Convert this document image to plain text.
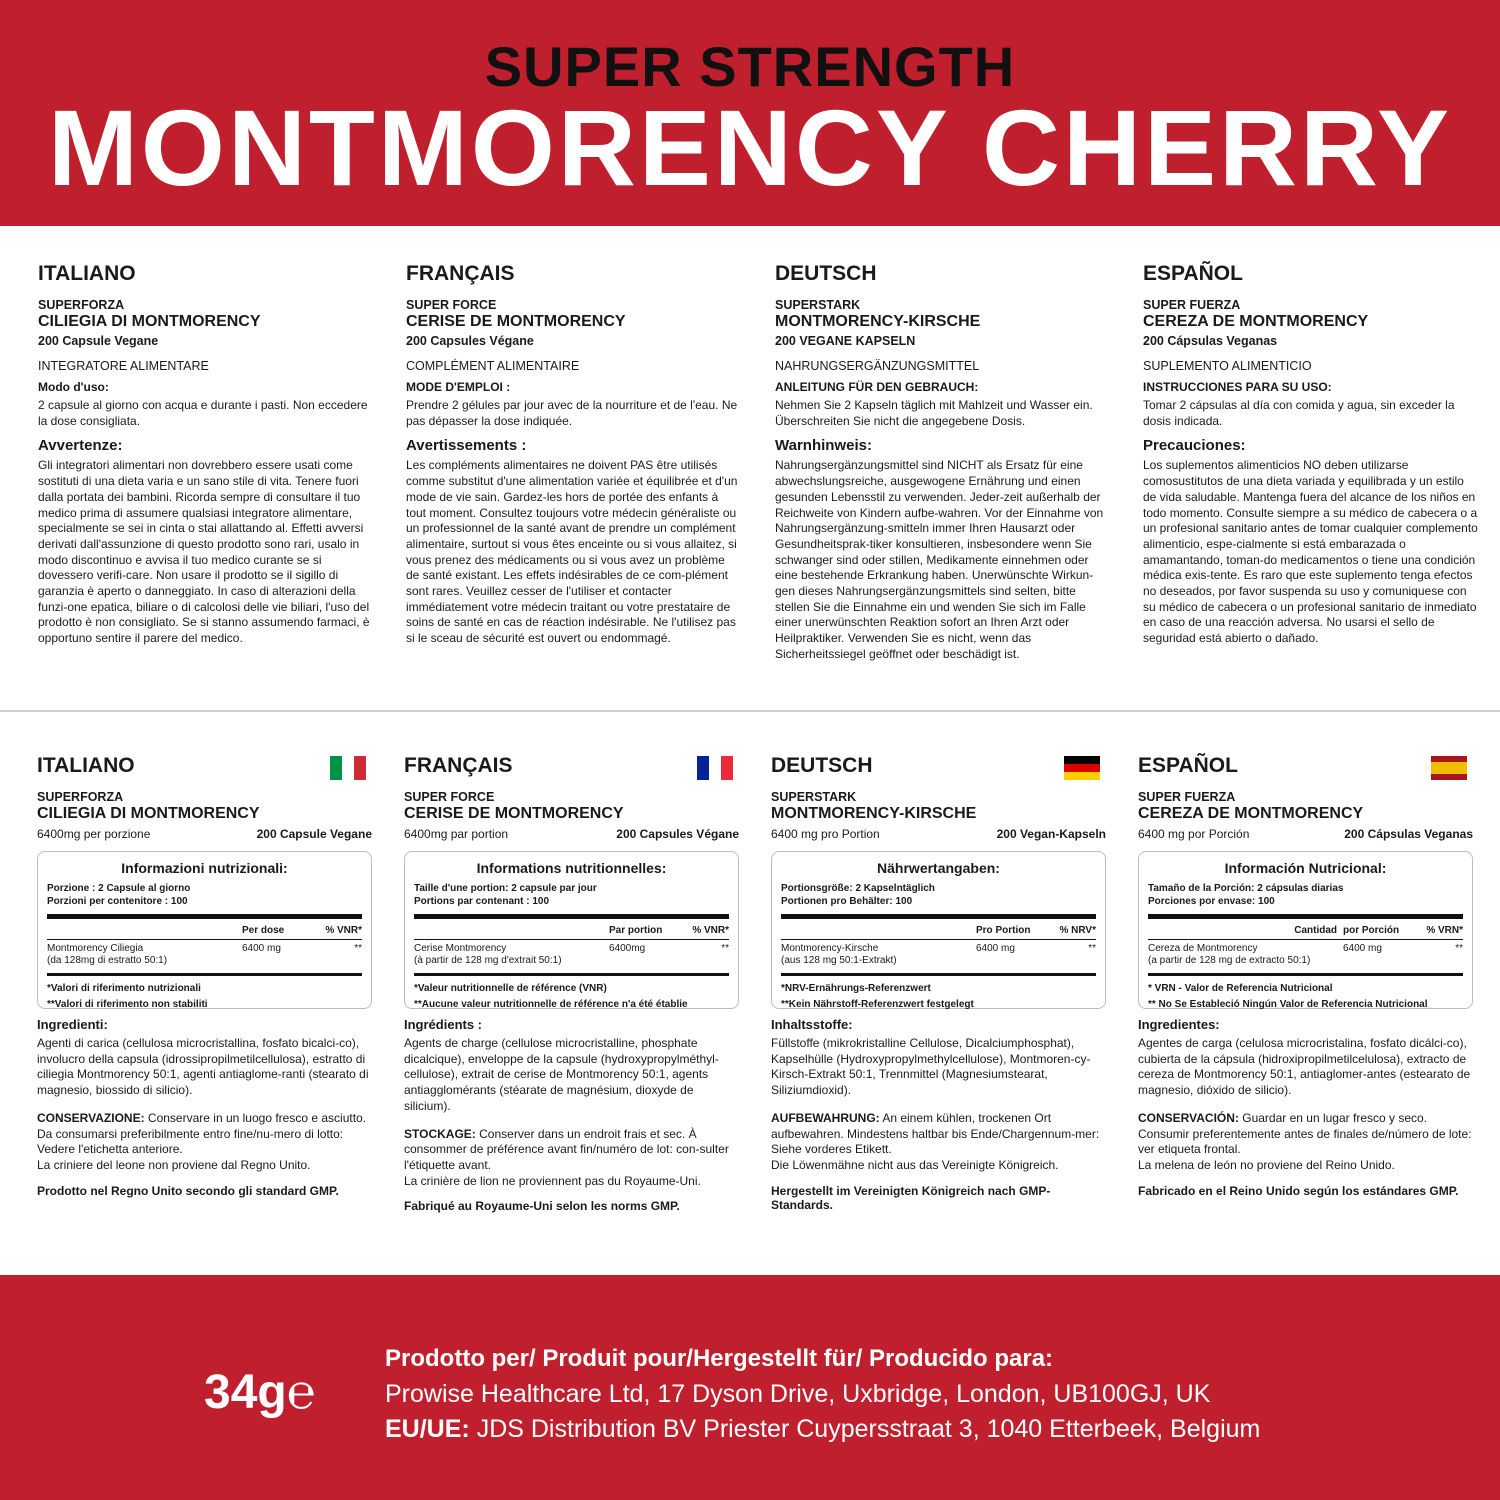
SUPER STRENGTH
MONTMORENCY CHERRY
ITALIANO
SUPERFORZA
CILIEGIA DI MONTMORENCY
200 Capsule Vegane
INTEGRATORE ALIMENTARE
Modo d'uso:
2 capsule al giorno con acqua e durante i pasti. Non eccedere la dose consigliata.
Avvertenze:
Gli integratori alimentari non dovrebbero essere usati come sostituti di una dieta varia e un sano stile di vita. Tenere fuori dalla portata dei bambini. Ricorda sempre di consultare il tuo medico prima di assumere qualsiasi integratore alimentare, specialmente se sei in cinta o stai allattando al. Effetti avversi derivati dall'assunzione di questo prodotto sono rari, usalo in modo discontinuo e avvisa il tuo medico curante se si dovessero verifi-care. Non usare il prodotto se il sigillo di garanzia è aperto o danneggiato. In caso di alterazioni della funzi-one epatica, biliare o di calcolosi delle vie biliari, l'uso del prodotto è non consigliato. Se si stanno assumendo farmaci, è opportuno sentire il parere del medico.
FRANÇAIS
SUPER FORCE
CERISE DE MONTMORENCY
200 Capsules Végane
COMPLÉMENT ALIMENTAIRE
MODE D'EMPLOI :
Prendre 2 gélules par jour avec de la nourriture et de l'eau. Ne pas dépasser la dose indiquée.
Avertissements :
Les compléments alimentaires ne doivent PAS être utilisés comme substitut d'une alimentation variée et équilibrée et d'un mode de vie sain. Gardez-les hors de portée des enfants à tout moment. Consultez toujours votre médecin généraliste ou un professionnel de la santé avant de prendre un complément alimentaire, surtout si vous êtes enceinte ou si vous allaitez, si vous prenez des médicaments ou si vous avez un problème de santé existant. Les effets indésirables de ce com-plément sont rares. Veuillez cesser de l'utiliser et contacter immédiatement votre médecin traitant ou votre prestataire de soins de santé en cas de réaction indésirable. Ne l'utilisez pas si le sceau de sécurité est ouvert ou endommagé.
DEUTSCH
SUPERSTARK
MONTMORENCY-KIRSCHE
200 VEGANE KAPSELN
NAHRUNGSERGÄNZUNGSMITTEL
ANLEITUNG FÜR DEN GEBRAUCH:
Nehmen Sie 2 Kapseln täglich mit Mahlzeit und Wasser ein. Überschreiten Sie nicht die angegebene Dosis.
Warnhinweis:
Nahrungsergänzungsmittel sind NICHT als Ersatz für eine abwechslungsreiche, ausgewogene Ernährung und einen gesunden Lebensstil zu verwenden. Jeder-zeit außerhalb der Reichweite von Kindern aufbe-wahren. Vor der Einnahme von Nahrungsergänzung-smitteln immer Ihren Hausarzt oder Gesundheitsprak-tiker konsultieren, insbesondere wenn Sie schwanger sind oder stillen, Medikamente einnehmen oder eine bestehende Erkrankung haben. Unerwünschte Wirkun-gen dieses Nahrungsergänzungsmittels sind selten, bitte stellen Sie die Einnahme ein und wenden Sie sich im Falle einer unerwünschten Reaktion sofort an Ihren Arzt oder Heilpraktiker. Verwenden Sie es nicht, wenn das Sicherheitssiegel geöffnet oder beschädigt ist.
ESPAÑOL
SUPER FUERZA
CEREZA DE MONTMORENCY
200 Cápsulas Veganas
SUPLEMENTO ALIMENTICIO
INSTRUCCIONES PARA SU USO:
Tomar 2 cápsulas al día con comida y agua, sin exceder la dosis indicada.
Precauciones:
Los suplementos alimenticios NO deben utilizarse comosustitutos de una dieta variada y equilibrada y un estilo de vida saludable. Mantenga fuera del alcance de los niños en todo momento. Consulte siempre a su médico de cabecera o a un profesional sanitario antes de tomar cualquier complemento alimenticio, espe-cialmente si está embarazada o amamantando, toman-do medicamentos o tiene una condición médica exis-tente. Es raro que este suplemento tenga efectos no deseados, por favor suspenda su uso y comuniquese con su médico de cabecera o un profesional sanitario de inmediato en caso de una reacción adversa. No usarsi el sello de seguridad está abierto o dañado.
ITALIANO
SUPERFORZA
CILIEGIA DI MONTMORENCY
6400mg per porzione	200 Capsule Vegane
Informazioni nutrizionali:
Porzione : 2 Capsule al giorno
Porzioni per contenitore : 100
Per dose	% VNR*
Montmorency Ciliegia
(da 128mg di estratto 50:1)
6400 mg	**
*Valori di riferimento nutrizionali
**Valori di riferimento non stabiliti
Ingredienti:
Agenti di carica (cellulosa microcristallina, fosfato bicalci-co), involucro della capsula (idrossipropilmetilcellulosa), estratto di ciliegia Montmorency 50:1, agenti antiaglome-ranti (stearato di magnesio, biossido di silicio).
CONSERVAZIONE: Conservare in un luogo fresco e asciutto. Da consumarsi preferibilmente entro fine/nu-mero di lotto: Vedere l'etichetta anteriore.
La criniere del leone non proviene dal Regno Unito.
Prodotto nel Regno Unito secondo gli standard GMP.
FRANÇAIS
SUPER FORCE
CERISE DE MONTMORENCY
6400mg par portion	200 Capsules Végane
Informations nutritionnelles:
Taille d'une portion: 2 capsule par jour
Portions par contenant : 100
Par portion	% VNR*
Cerise Montmorency
(à partir de 128 mg d'extrait 50:1)
6400mg	**
*Valeur nutritionnelle de référence (VNR)
**Aucune valeur nutritionnelle de référence n'a été établie
Ingrédients :
Agents de charge (cellulose microcristalline, phosphate dicalcique), enveloppe de la capsule (hydroxypropylméthyl-cellulose), extrait de cerise de Montmorency 50:1, agents antiagglomérants (stéarate de magnésium, dioxyde de silicium).
STOCKAGE: Conserver dans un endroit frais et sec. À consommer de préférence avant fin/numéro de lot: con-sulter l'étiquette avant.
La crinière de lion ne proviennent pas du Royaume-Uni.
Fabriqué au Royaume-Uni selon les norms GMP.
DEUTSCH
SUPERSTARK
MONTMORENCY-KIRSCHE
6400 mg pro Portion	200 Vegan-Kapseln
Nährwertangaben:
Portionsgröße: 2 Kapselntäglich
Portionen pro Behälter: 100
Pro Portion	% NRV*
Montmorency-Kirsche
(aus 128 mg 50:1-Extrakt)
6400 mg	**
*NRV-Ernährungs-Referenzwert
**Kein Nährstoff-Referenzwert festgelegt
Inhaltsstoffe:
Füllstoffe (mikrokristalline Cellulose, Dicalciumphosphat), Kapselhülle (Hydroxypropylmethylcellulose), Montmoren-cy-Kirsch-Extrakt 50:1, Trennmittel (Magnesiumstearat, Siliziumdioxid).
AUFBEWAHRUNG: An einem kühlen, trockenen Ort aufbewahren. Mindestens haltbar bis Ende/Chargennum-mer: Siehe vorderes Etikett.
Die Löwenmähne nicht aus das Vereinigte Königreich.
Hergestellt im Vereinigten Königreich nach GMP-Standards.
ESPAÑOL
SUPER FUERZA
CEREZA DE MONTMORENCY
6400 mg por Porción	200 Cápsulas Veganas
Información Nutricional:
Tamaño de la Porción: 2 cápsulas diarias
Porciones por envase: 100
Cantidad por Porción	% VRN*
Cereza de Montmorency
(a partir de 128 mg de extracto 50:1)
6400 mg	**
* VRN - Valor de Referencia Nutricional
** No Se Estableció Ningún Valor de Referencia Nutricional
Ingredientes:
Agentes de carga (celulosa microcristalina, fosfato dicálci-co), cubierta de la cápsula (hidroxipropilmetilcelulosa), extracto de cereza de Montmorency 50:1, antiaglomer-antes (estearato de magnesio, dióxido de silicio).
CONSERVACIÓN: Guardar en un lugar fresco y seco. Consumir preferentemente antes de finales de/número de lote: ver etiqueta frontal.
La melena de león no proviene del Reino Unido.
Fabricado en el Reino Unido según los estándares GMP.
34g℮
Prodotto per/ Produit pour/Hergestellt für/ Producido para:
Prowise Healthcare Ltd, 17 Dyson Drive, Uxbridge, London, UB100GJ, UK
EU/UE: JDS Distribution BV Priester Cuypersstraat 3, 1040 Etterbeek, Belgium
